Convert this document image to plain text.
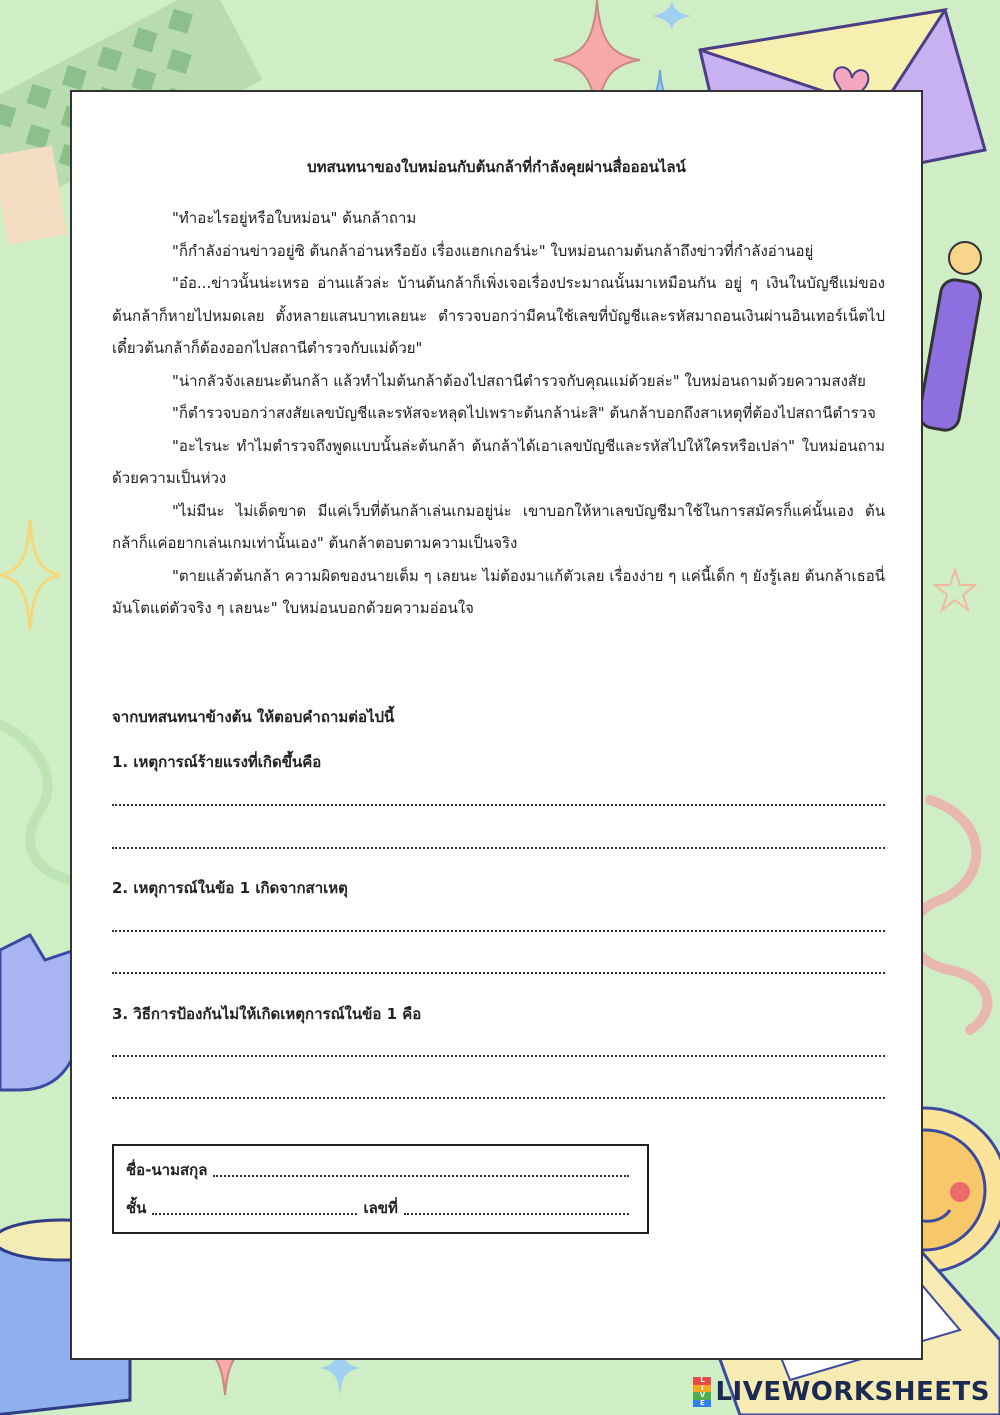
บทสนทนาของใบหม่อนกับต้นกล้าที่กำลังคุยผ่านสื่อออนไลน์

"ทำอะไรอยู่หรือใบหม่อน" ต้นกล้าถาม

"ก็กำลังอ่านข่าวอยู่ซิ ต้นกล้าอ่านหรือยัง เรื่องแฮกเกอร์น่ะ" ใบหม่อนถามต้นกล้าถึงข่าวที่กำลังอ่านอยู่

"อ๋อ...ข่าวนั้นน่ะเหรอ อ่านแล้วล่ะ บ้านต้นกล้าก็เพิ่งเจอเรื่องประมาณนั้นมาเหมือนกัน อยู่ ๆ เงินในบัญชีแม่ของต้นกล้าก็หายไปหมดเลย ตั้งหลายแสนบาทเลยนะ ตำรวจบอกว่ามีคนใช้เลขที่บัญชีและรหัสมาถอนเงินผ่านอินเทอร์เน็ตไป เดี๋ยวต้นกล้าก็ต้องออกไปสถานีตำรวจกับแม่ด้วย"

"น่ากลัวจังเลยนะต้นกล้า แล้วทำไมต้นกล้าต้องไปสถานีตำรวจกับคุณแม่ด้วยล่ะ" ใบหม่อนถามด้วยความสงสัย

"ก็ตำรวจบอกว่าสงสัยเลขบัญชีและรหัสจะหลุดไปเพราะต้นกล้าน่ะสิ" ต้นกล้าบอกถึงสาเหตุที่ต้องไปสถานีตำรวจ

"อะไรนะ ทำไมตำรวจถึงพูดแบบนั้นล่ะต้นกล้า ต้นกล้าได้เอาเลขบัญชีและรหัสไปให้ใครหรือเปล่า" ใบหม่อนถามด้วยความเป็นห่วง

"ไม่มีนะ ไม่เด็ดขาด มีแค่เว็บที่ต้นกล้าเล่นเกมอยู่น่ะ เขาบอกให้หาเลขบัญชีมาใช้ในการสมัครก็แค่นั้นเอง ต้นกล้าก็แค่อยากเล่นเกมเท่านั้นเอง" ต้นกล้าตอบตามความเป็นจริง

"ตายแล้วต้นกล้า ความผิดของนายเต็ม ๆ เลยนะ ไม่ต้องมาแก้ตัวเลย เรื่องง่าย ๆ แค่นี้เด็ก ๆ ยังรู้เลย ต้นกล้าเธอนี่มันโตแต่ตัวจริง ๆ เลยนะ" ใบหม่อนบอกด้วยความอ่อนใจ

จากบทสนทนาข้างต้น ให้ตอบคำถามต่อไปนี้
1. เหตุการณ์ร้ายแรงที่เกิดขึ้นคือ
2. เหตุการณ์ในข้อ 1 เกิดจากสาเหตุ
3. วิธีการป้องกันไม่ให้เกิดเหตุการณ์ในข้อ 1 คือ
ชื่อ-นามสกุล
ชั้น	เลขที่
L
I
V
E LIVEWORKSHEETS
